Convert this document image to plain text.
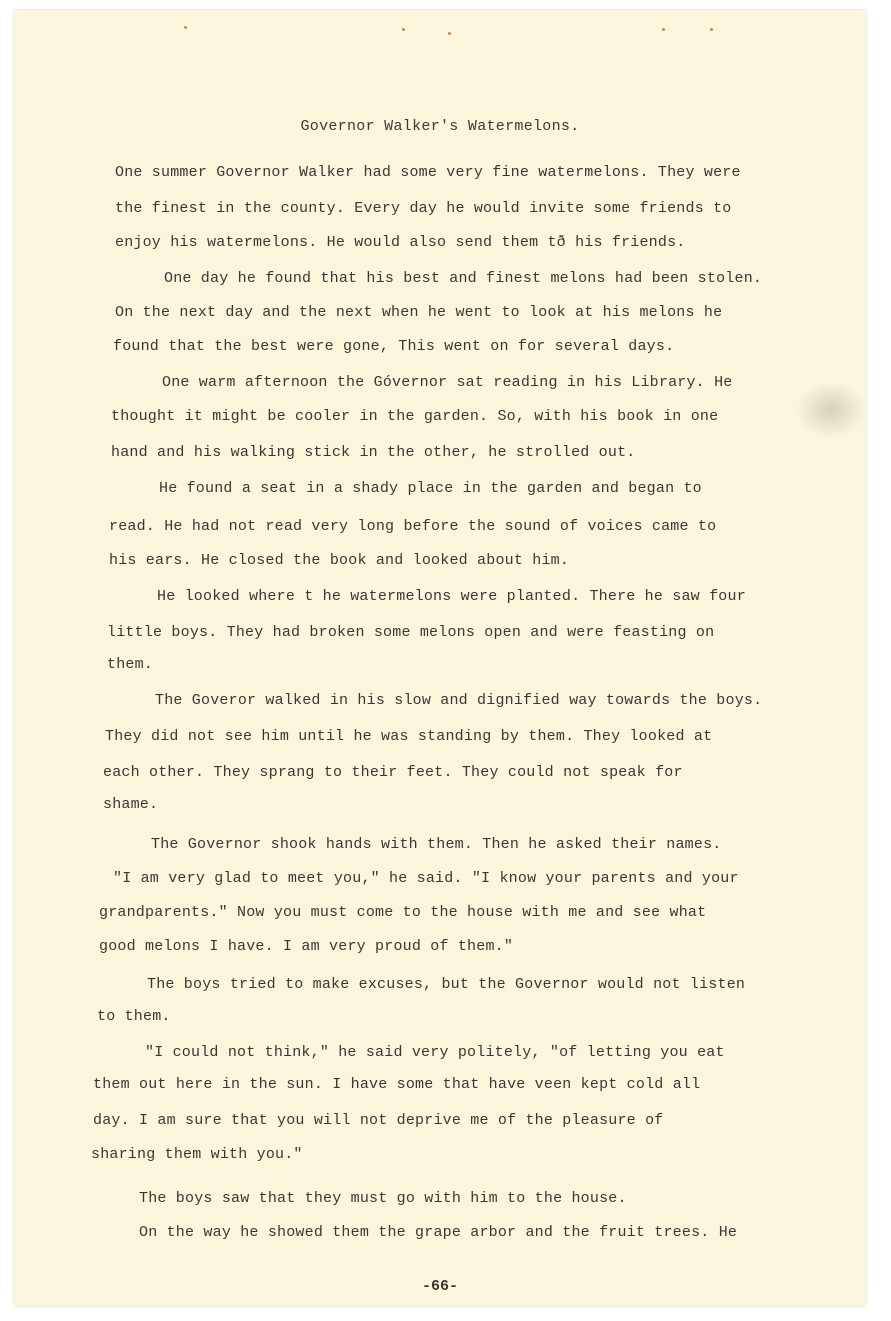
Governor Walker's Watermelons.
One summer Governor Walker had some very fine watermelons. They were
the finest in the county. Every day he would invite some friends to
enjoy his watermelons. He would also send them tð his friends.
One day he found that his best and finest melons had been stolen.
On the next day and the next when he went to look at his melons he
found that the best were gone, This went on for several days.
One warm afternoon the Góvernor sat reading in his Library. He
thought it might be cooler in the garden. So, with his book in one
hand and his walking stick in the other, he strolled out.
He found a seat in a shady place in the garden and began to
read. He had not read very long before the sound of voices came to
his ears. He closed the book and looked about him.
He looked where t he watermelons were planted. There he saw four
little boys. They had broken some melons open and were feasting on
them.
The Goveror walked in his slow and dignified way towards the boys.
They did not see him until he was standing by them. They looked at
each other. They sprang to their feet. They could not speak for
shame.
The Governor shook hands with them. Then he asked their names.
"I am very glad to meet you," he said. "I know your parents and your
grandparents." Now you must come to the house with me and see what
good melons I have. I am very proud of them."
The boys tried to make excuses, but the Governor would not listen
to them.
"I could not think," he said very politely, "of letting you eat
them out here in the sun. I have some that have veen kept cold all
day. I am sure that you will not deprive me of the pleasure of
sharing them with you."
The boys saw that they must go with him to the house.
On the way he showed them the grape arbor and the fruit trees. He
-66-
